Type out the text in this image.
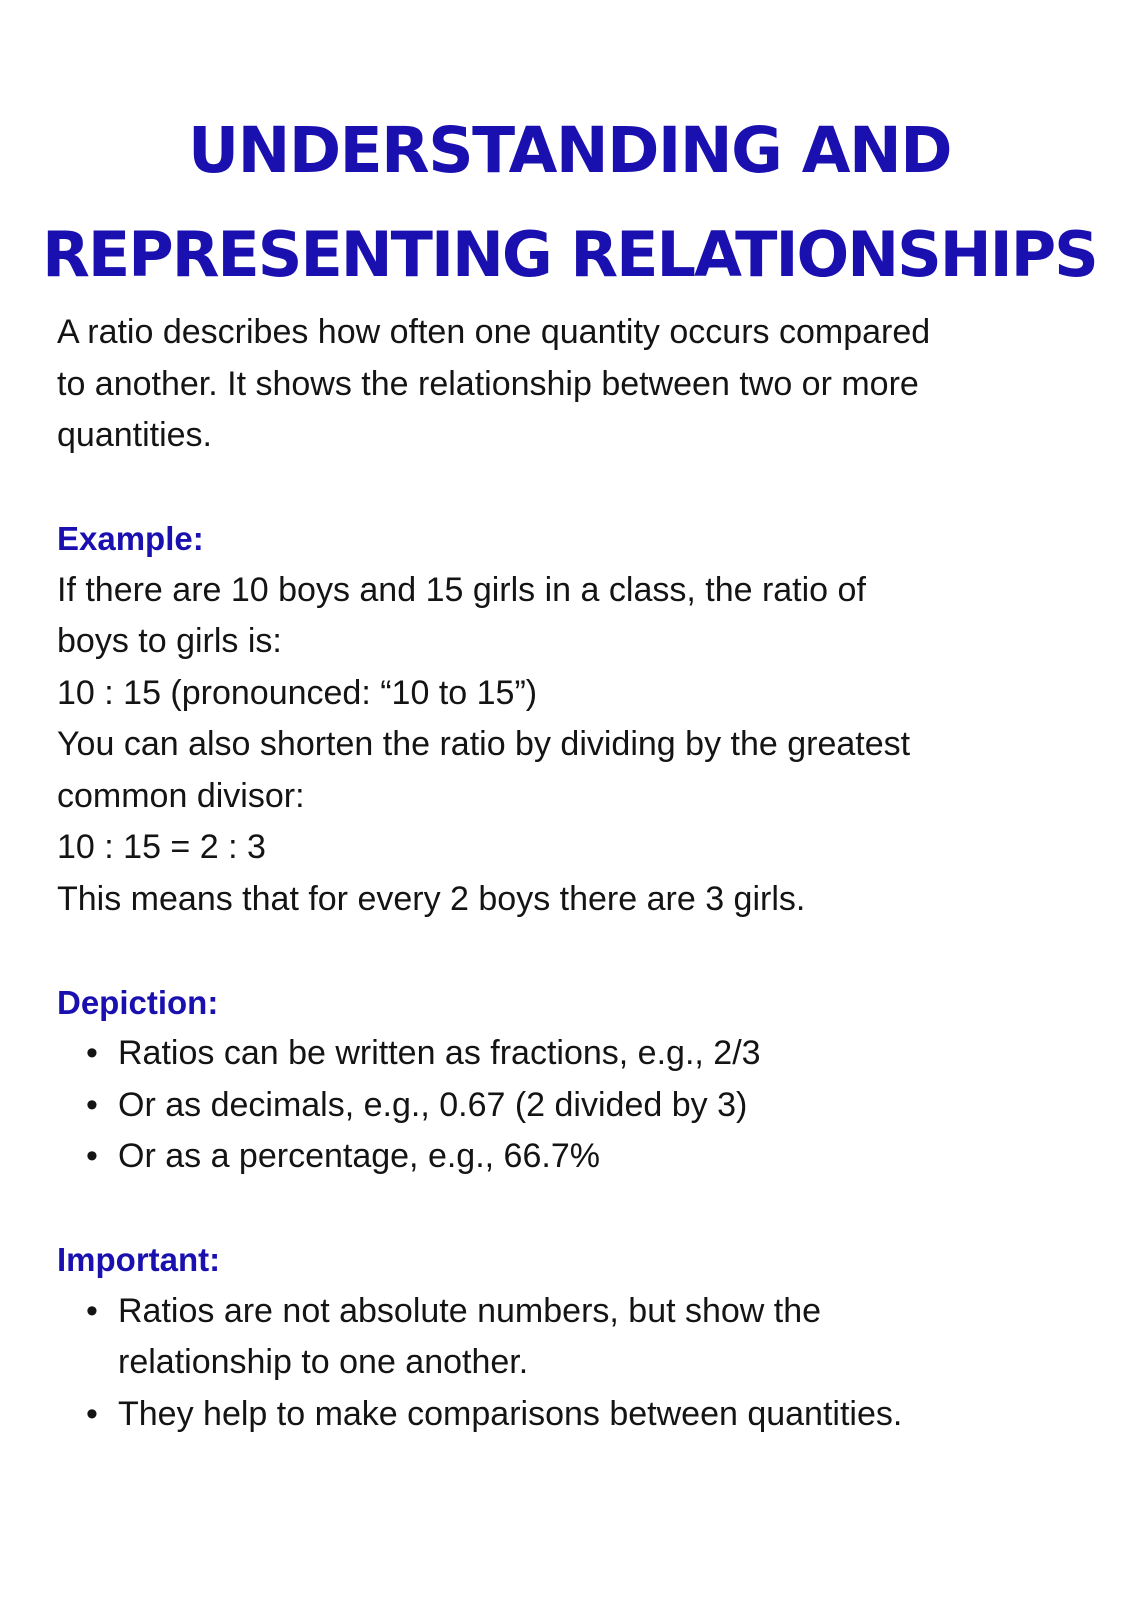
UNDERSTANDING AND
REPRESENTING RELATIONSHIPS

A ratio describes how often one quantity occurs compared

to another. It shows the relationship between two or more

quantities.

Example:

If there are 10 boys and 15 girls in a class, the ratio of

boys to girls is:

10 : 15 (pronounced: “10 to 15”)

You can also shorten the ratio by dividing by the greatest

common divisor:

10 : 15 = 2 : 3

This means that for every 2 boys there are 3 girls.

Depiction:

• Ratios can be written as fractions, e.g., 2/3
• Or as decimals, e.g., 0.67 (2 divided by 3)
• Or as a percentage, e.g., 66.7%

Important:

• Ratios are not absolute numbers, but show the
relationship to one another.
• They help to make comparisons between quantities.
